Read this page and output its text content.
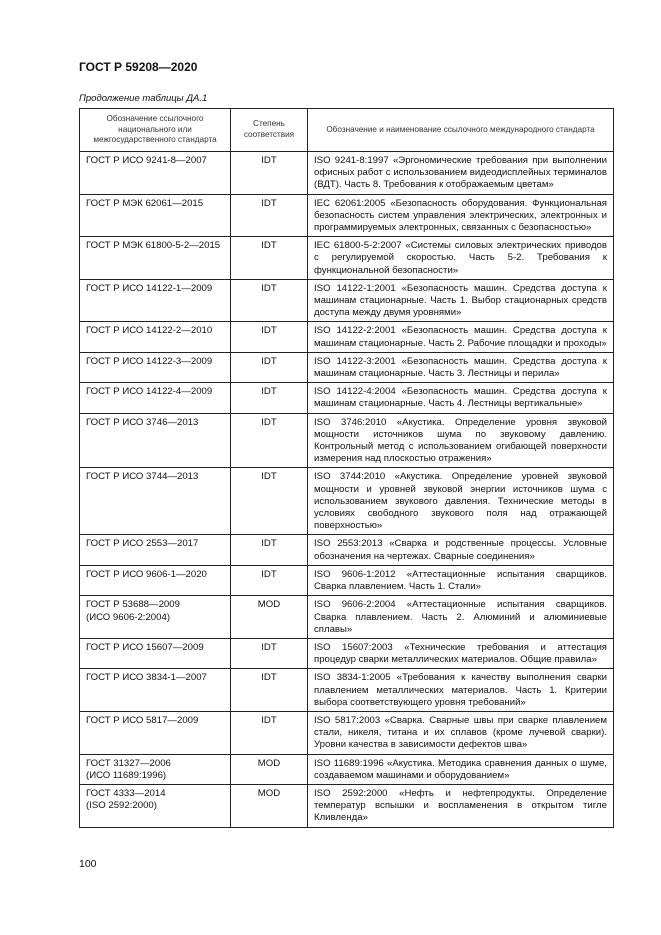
ГОСТ Р 59208—2020
Продолжение таблицы ДА.1
Обозначение ссылочного национального или межгосударственного стандарта	Степень соответствия	Обозначение и наименование ссылочного международного стандарта
ГОСТ Р ИСО 9241-8—2007	IDT	ISO 9241-8:1997 «Эргономические требования при выполнении офисных работ с использованием видеодисплейных терминалов (ВДТ). Часть 8. Требования к отображаемым цветам»
ГОСТ Р МЭК 62061—2015	IDT	IEC 62061:2005 «Безопасность оборудования. Функциональная безопасность систем управления электрических, электронных и программируемых электронных, связанных с безопасностью»
ГОСТ Р МЭК 61800-5-2—2015	IDT	IEC 61800-5-2:2007 «Системы силовых электрических приводов с регулируемой скоростью. Часть 5-2. Требования к функциональной безопасности»
ГОСТ Р ИСО 14122-1—2009	IDT	ISO 14122-1:2001 «Безопасность машин. Средства доступа к машинам стационарные. Часть 1. Выбор стационарных средств доступа между двумя уровнями»
ГОСТ Р ИСО 14122-2—2010	IDT	ISO 14122-2:2001 «Безопасность машин. Средства доступа к машинам стационарные. Часть 2. Рабочие площадки и проходы»
ГОСТ Р ИСО 14122-3—2009	IDT	ISO 14122-3:2001 «Безопасность машин. Средства доступа к машинам стационарные. Часть 3. Лестницы и перила»
ГОСТ Р ИСО 14122-4—2009	IDT	ISO 14122-4:2004 «Безопасность машин. Средства доступа к машинам стационарные. Часть 4. Лестницы вертикальные»
ГОСТ Р ИСО 3746—2013	IDT	ISO 3746:2010 «Акустика. Определение уровня звуковой мощности источников шума по звуковому давлению. Контрольный метод с использованием огибающей поверхности измерения над плоскостью отражения»
ГОСТ Р ИСО 3744—2013	IDT	ISO 3744:2010 «Акустика. Определение уровней звуковой мощности и уровней звуковой энергии источников шума с использованием звукового давления. Технические методы в условиях свободного звукового поля над отражающей поверхностью»
ГОСТ Р ИСО 2553—2017	IDT	ISO 2553:2013 «Сварка и родственные процессы. Условные обозначения на чертежах. Сварные соединения»
ГОСТ Р ИСО 9606-1—2020	IDT	ISO 9606-1:2012 «Аттестационные испытания сварщиков. Сварка плавлением. Часть 1. Стали»
ГОСТ Р 53688—2009
(ИСО 9606-2:2004)	MOD	ISO 9606-2:2004 «Аттестационные испытания сварщиков. Сварка плавлением. Часть 2. Алюминий и алюминиевые сплавы»
ГОСТ Р ИСО 15607—2009	IDT	ISO 15607:2003 «Технические требования и аттестация процедур сварки металлических материалов. Общие правила»
ГОСТ Р ИСО 3834-1—2007	IDT	ISO 3834-1:2005 «Требования к качеству выполнения сварки плавлением металлических материалов. Часть 1. Критерии выбора соответствующего уровня требований»
ГОСТ Р ИСО 5817—2009	IDT	ISO 5817:2003 «Сварка. Сварные швы при сварке плавлением стали, никеля, титана и их сплавов (кроме лучевой сварки). Уровни качества в зависимости дефектов шва»
ГОСТ 31327—2006
(ИСО 11689:1996)	MOD	ISO 11689:1996 «Акустика. Методика сравнения данных о шуме, создаваемом машинами и оборудованием»
ГОСТ 4333—2014
(ISO 2592:2000)	MOD	ISO 2592:2000 «Нефть и нефтепродукты. Определение температур вспышки и воспламенения в открытом тигле Кливленда»
100
